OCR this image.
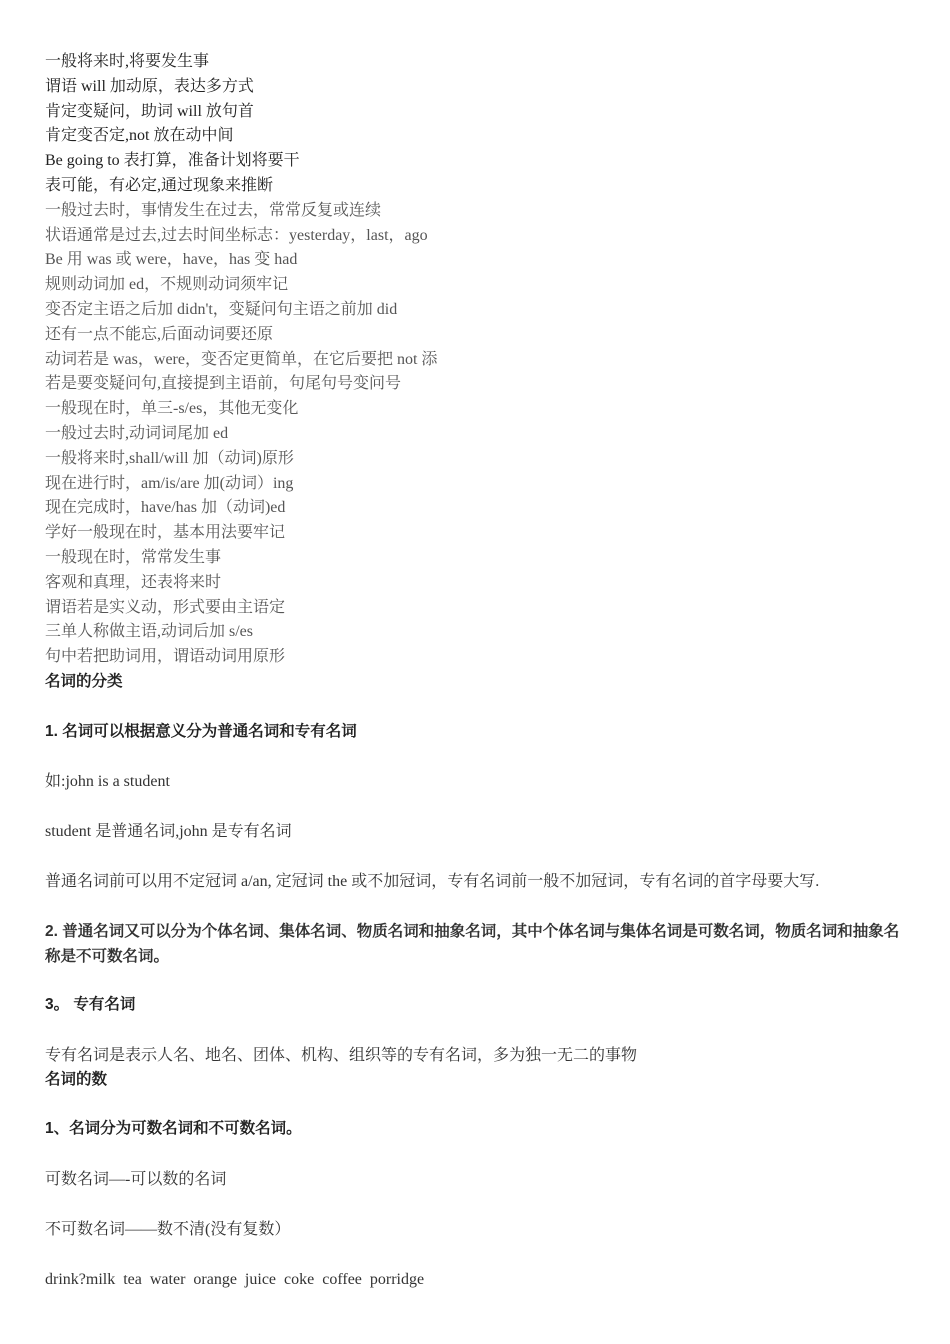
一般将来时,将要发生事
谓语 will 加动原，表达多方式
肯定变疑问，助词 will 放句首
肯定变否定,not 放在动中间
Be going to 表打算，准备计划将要干
表可能，有必定,通过现象来推断
一般过去时，事情发生在过去，常常反复或连续
状语通常是过去,过去时间坐标志：yesterday，last，ago
Be 用 was 或 were，have，has 变 had
规则动词加 ed，不规则动词须牢记
变否定主语之后加 didn't，变疑问句主语之前加 did
还有一点不能忘,后面动词要还原
动词若是 was，were，变否定更简单，在它后要把 not 添
若是要变疑问句,直接提到主语前，句尾句号变问号
一般现在时，单三-s/es，其他无变化
一般过去时,动词词尾加 ed
一般将来时,shall/will 加（动词)原形
现在进行时，am/is/are 加(动词）ing
现在完成时，have/has 加（动词)ed
学好一般现在时，基本用法要牢记
一般现在时，常常发生事
客观和真理，还表将来时
谓语若是实义动，形式要由主语定
三单人称做主语,动词后加 s/es
句中若把助词用，谓语动词用原形
名词的分类
1. 名词可以根据意义分为普通名词和专有名词
如:john is a student
student 是普通名词,john 是专有名词
普通名词前可以用不定冠词 a/an, 定冠词 the 或不加冠词，专有名词前一般不加冠词，专有名词的首字母要大写.
2. 普通名词又可以分为个体名词、集体名词、物质名词和抽象名词，其中个体名词与集体名词是可数名词，物质名词和抽象名称是不可数名词。
3。 专有名词
专有名词是表示人名、地名、团体、机构、组织等的专有名词，多为独一无二的事物
名词的数
1、名词分为可数名词和不可数名词。
可数名词—-可以数的名词
不可数名词——数不清(没有复数）
drink?milk  tea  water  orange  juice  coke  coffee  porridge
